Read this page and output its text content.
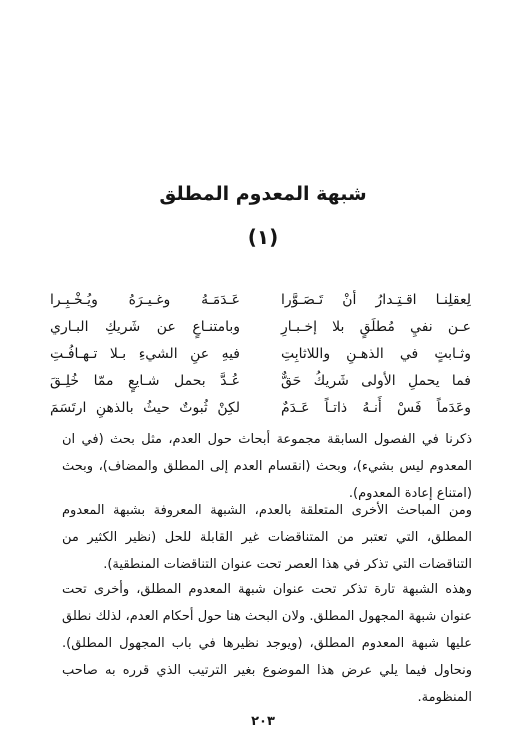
شبهة المعدوم المطلق
(١)
لِعقلِنـا اقـتِـدارُ أنْ تَـصَـوَّرا
عَـدَمَـهُ وغـيـرَهُ ويُـخْـبِـرا
عـن نفيِ مُطلَقٍ بلا إخـبـارِ
وبامتنـاعٍ عن شَريكِ البـاري
وثـابتٍ في الذهـنِ واللاثابِتِ
فيهِ عنِ الشيءِ بـلا تـهـافُـتِ
فما يحملِ الأولى شَريكُ حَقٌّ
عُـدَّ بحمل شـايعٍ ممّا خُلِـقَ
وعَدَماً فَسْ أَنـهُ ذاتـاً عَـدَمٌ
لكِنْ ثُبوتٌ حيثُ بالذهنِ ارتَسَمَ
ذكرنا في الفصول السابقة مجموعة أبحاث حول العدم، مثل بحث (في ان المعدوم ليس بشيء)، وبحث (انقسام العدم إلى المطلق والمضاف)، وبحث (امتناع إعادة المعدوم).
ومن المباحث الأخرى المتعلقة بالعدم، الشبهة المعروفة بشبهة المعدوم المطلق، التي تعتبر من المتناقضات غير القابلة للحل (نظير الكثير من التناقضات التي تذكر في هذا العصر تحت عنوان التناقضات المنطقية).
وهذه الشبهة تارة تذكر تحت عنوان شبهة المعدوم المطلق، وأخرى تحت عنوان شبهة المجهول المطلق. ولان البحث هنا حول أحكام العدم، لذلك نطلق عليها شبهة المعدوم المطلق، (ويوجد نظيرها في باب المجهول المطلق). ونحاول فيما يلي عرض هذا الموضوع بغير الترتيب الذي قرره به صاحب المنظومة.
٢٠٣
